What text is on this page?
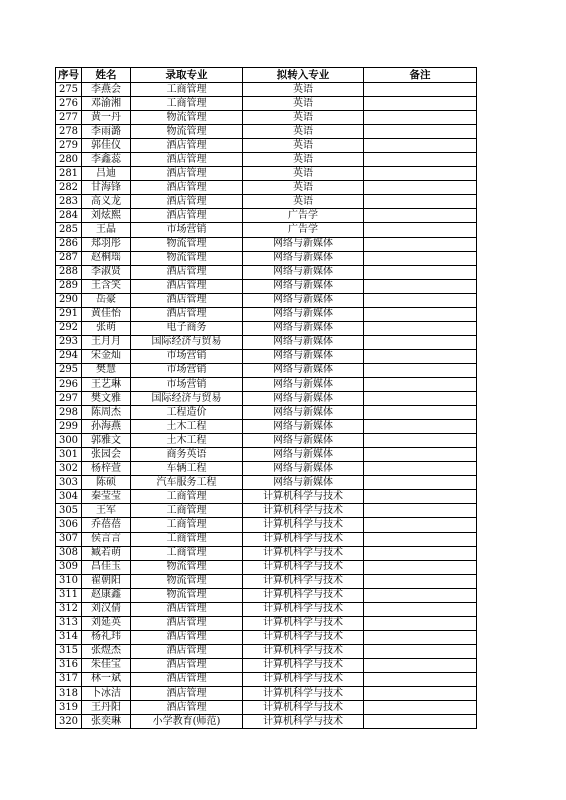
序号	姓名	录取专业	拟转入专业	备注
275	李燕会	工商管理	英语	
276	邓渝湘	工商管理	英语	
277	黄一丹	物流管理	英语	
278	李雨潞	物流管理	英语	
279	郭佳仪	酒店管理	英语	
280	李鑫蕊	酒店管理	英语	
281	吕迪	酒店管理	英语	
282	甘海锋	酒店管理	英语	
283	高义龙	酒店管理	英语	
284	刘炫熙	酒店管理	广告学	
285	王晶	市场营销	广告学	
286	郑羽彤	物流管理	网络与新媒体	
287	赵桐瑶	物流管理	网络与新媒体	
288	李淑贤	酒店管理	网络与新媒体	
289	王含笑	酒店管理	网络与新媒体	
290	岳豪	酒店管理	网络与新媒体	
291	黄佳怡	酒店管理	网络与新媒体	
292	张萌	电子商务	网络与新媒体	
293	王月月	国际经济与贸易	网络与新媒体	
294	宋金灿	市场营销	网络与新媒体	
295	樊慧	市场营销	网络与新媒体	
296	王艺琳	市场营销	网络与新媒体	
297	樊文雅	国际经济与贸易	网络与新媒体	
298	陈周杰	工程造价	网络与新媒体	
299	孙海燕	土木工程	网络与新媒体	
300	郭雅文	土木工程	网络与新媒体	
301	张园会	商务英语	网络与新媒体	
302	杨梓萱	车辆工程	网络与新媒体	
303	陈硕	汽车服务工程	网络与新媒体	
304	秦莹莹	工商管理	计算机科学与技术	
305	王军	工商管理	计算机科学与技术	
306	乔蓓蓓	工商管理	计算机科学与技术	
307	侯言言	工商管理	计算机科学与技术	
308	臧若萌	工商管理	计算机科学与技术	
309	昌佳玉	物流管理	计算机科学与技术	
310	翟朝阳	物流管理	计算机科学与技术	
311	赵康鑫	物流管理	计算机科学与技术	
312	刘汉倩	酒店管理	计算机科学与技术	
313	刘延英	酒店管理	计算机科学与技术	
314	杨礼玮	酒店管理	计算机科学与技术	
315	张煜杰	酒店管理	计算机科学与技术	
316	朱佳宝	酒店管理	计算机科学与技术	
317	林一斌	酒店管理	计算机科学与技术	
318	卜冰洁	酒店管理	计算机科学与技术	
319	王丹阳	酒店管理	计算机科学与技术	
320	张奕琳	小学教育(师范)	计算机科学与技术	
